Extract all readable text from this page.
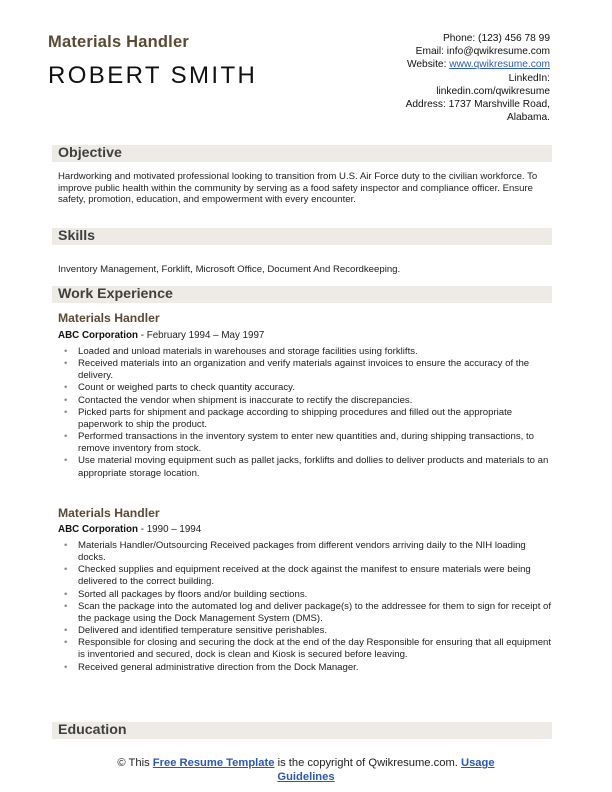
Materials Handler
ROBERT SMITH
Phone: (123) 456 78 99
Email: info@qwikresume.com
Website: www.qwikresume.com
LinkedIn:
linkedin.com/qwikresume
Address: 1737 Marshville Road,
Alabama.
Objective
Hardworking and motivated professional looking to transition from U.S. Air Force duty to the civilian workforce. To improve public health within the community by serving as a food safety inspector and compliance officer. Ensure safety, promotion, education, and empowerment with every encounter.
Skills
Inventory Management, Forklift, Microsoft Office, Document And Recordkeeping.
Work Experience
Materials Handler
ABC Corporation - February 1994 – May 1997
• Loaded and unload materials in warehouses and storage facilities using forklifts.
• Received materials into an organization and verify materials against invoices to ensure the accuracy of the delivery.
• Count or weighed parts to check quantity accuracy.
• Contacted the vendor when shipment is inaccurate to rectify the discrepancies.
• Picked parts for shipment and package according to shipping procedures and filled out the appropriate paperwork to ship the product.
• Performed transactions in the inventory system to enter new quantities and, during shipping transactions, to remove inventory from stock.
• Use material moving equipment such as pallet jacks, forklifts and dollies to deliver products and materials to an appropriate storage location.
Materials Handler
ABC Corporation - 1990 – 1994
• Materials Handler/Outsourcing Received packages from different vendors arriving daily to the NIH loading docks.
• Checked supplies and equipment received at the dock against the manifest to ensure materials were being delivered to the correct building.
• Sorted all packages by floors and/or building sections.
• Scan the package into the automated log and deliver package(s) to the addressee for them to sign for receipt of the package using the Dock Management System (DMS).
• Delivered and identified temperature sensitive perishables.
• Responsible for closing and securing the dock at the end of the day Responsible for ensuring that all equipment is inventoried and secured, dock is clean and Kiosk is secured before leaving.
• Received general administrative direction from the Dock Manager.
Education
© This Free Resume Template is the copyright of Qwikresume.com. Usage
Guidelines
